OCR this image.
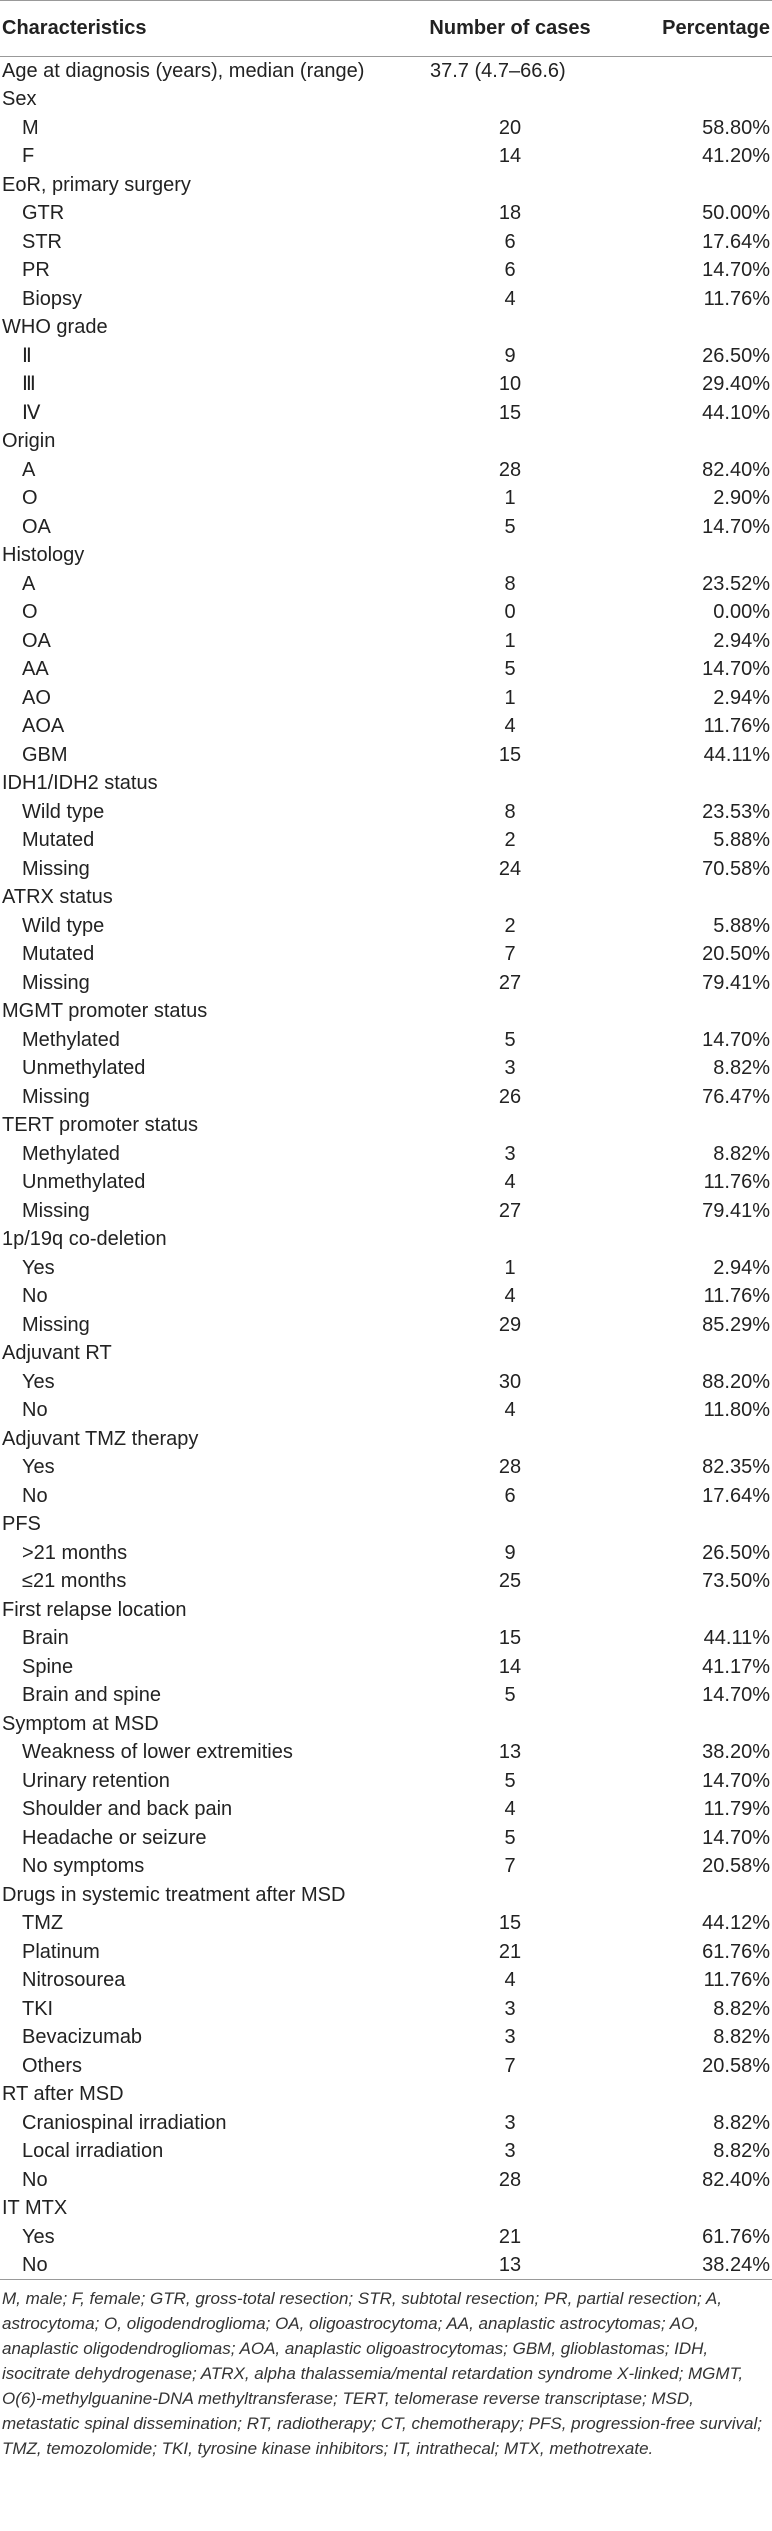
Characteristics	Number of cases	Percentage
Age at diagnosis (years), median (range)	37.7 (4.7–66.6)	
Sex		
M	20	58.80%
F	14	41.20%
EoR, primary surgery		
GTR	18	50.00%
STR	6	17.64%
PR	6	14.70%
Biopsy	4	11.76%
WHO grade		
Ⅱ	9	26.50%
Ⅲ	10	29.40%
Ⅳ	15	44.10%
Origin		
A	28	82.40%
O	1	2.90%
OA	5	14.70%
Histology		
A	8	23.52%
O	0	0.00%
OA	1	2.94%
AA	5	14.70%
AO	1	2.94%
AOA	4	11.76%
GBM	15	44.11%
IDH1/IDH2 status		
Wild type	8	23.53%
Mutated	2	5.88%
Missing	24	70.58%
ATRX status		
Wild type	2	5.88%
Mutated	7	20.50%
Missing	27	79.41%
MGMT promoter status		
Methylated	5	14.70%
Unmethylated	3	8.82%
Missing	26	76.47%
TERT promoter status		
Methylated	3	8.82%
Unmethylated	4	11.76%
Missing	27	79.41%
1p/19q co-deletion		
Yes	1	2.94%
No	4	11.76%
Missing	29	85.29%
Adjuvant RT		
Yes	30	88.20%
No	4	11.80%
Adjuvant TMZ therapy		
Yes	28	82.35%
No	6	17.64%
PFS		
>21 months	9	26.50%
≤21 months	25	73.50%
First relapse location		
Brain	15	44.11%
Spine	14	41.17%
Brain and spine	5	14.70%
Symptom at MSD		
Weakness of lower extremities	13	38.20%
Urinary retention	5	14.70%
Shoulder and back pain	4	11.79%
Headache or seizure	5	14.70%
No symptoms	7	20.58%
Drugs in systemic treatment after MSD		
TMZ	15	44.12%
Platinum	21	61.76%
Nitrosourea	4	11.76%
TKI	3	8.82%
Bevacizumab	3	8.82%
Others	7	20.58%
RT after MSD		
Craniospinal irradiation	3	8.82%
Local irradiation	3	8.82%
No	28	82.40%
IT MTX		
Yes	21	61.76%
No	13	38.24%
M, male; F, female; GTR, gross-total resection; STR, subtotal resection; PR, partial resection; A, astrocytoma; O, oligodendroglioma; OA, oligoastrocytoma; AA, anaplastic astrocytomas; AO, anaplastic oligodendrogliomas; AOA, anaplastic oligoastrocytomas; GBM, glioblastomas; IDH, isocitrate dehydrogenase; ATRX, alpha thalassemia/mental retardation syndrome X-linked; MGMT, O(6)-methylguanine-DNA methyltransferase; TERT, telomerase reverse transcriptase; MSD, metastatic spinal dissemination; RT, radiotherapy; CT, chemotherapy; PFS, progression-free survival; TMZ, temozolomide; TKI, tyrosine kinase inhibitors; IT, intrathecal; MTX, methotrexate.
